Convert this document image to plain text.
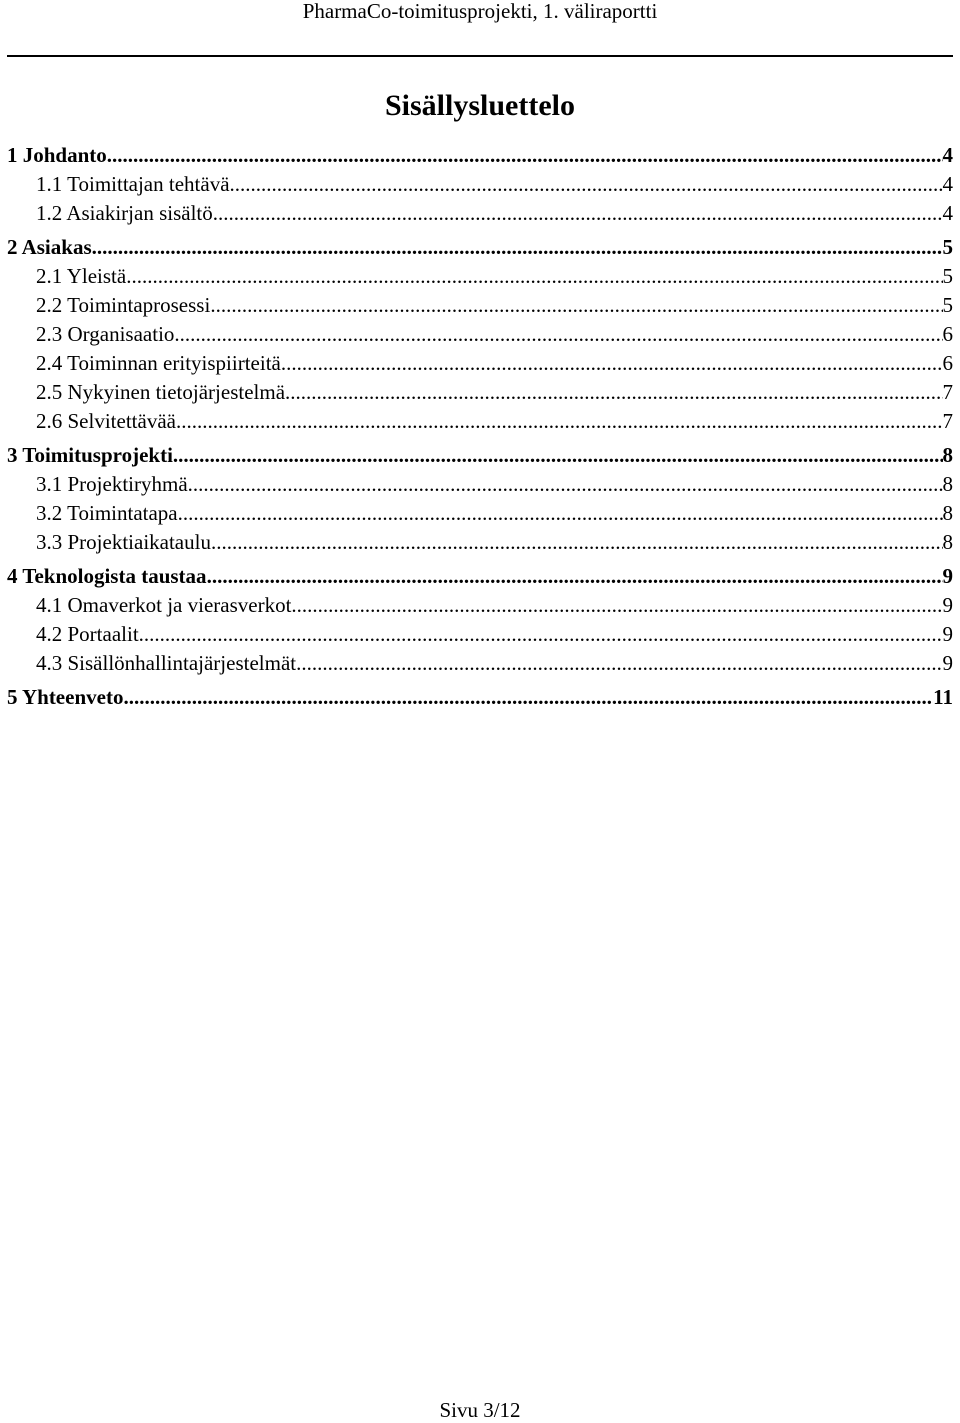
PharmaCo-toimitusprojekti, 1. väliraportti
Sisällysluettelo
1 Johdanto .....	4
1.1 Toimittajan tehtävä .....	4
1.2 Asiakirjan sisältö .....	4
2 Asiakas .....	5
2.1 Yleistä .....	5
2.2 Toimintaprosessi .....	5
2.3 Organisaatio .....	6
2.4 Toiminnan erityispiirteitä .....	6
2.5 Nykyinen tietojärjestelmä .....	7
2.6 Selvitettävää .....	7
3 Toimitusprojekti .....	8
3.1 Projektiryhmä .....	8
3.2 Toimintatapa .....	8
3.3 Projektiaikataulu .....	8
4 Teknologista taustaa .....	9
4.1 Omaverkot ja vierasverkot .....	9
4.2 Portaalit .....	9
4.3 Sisällönhallintajärjestelmät .....	9
5 Yhteenveto .....	11
Sivu 3/12
